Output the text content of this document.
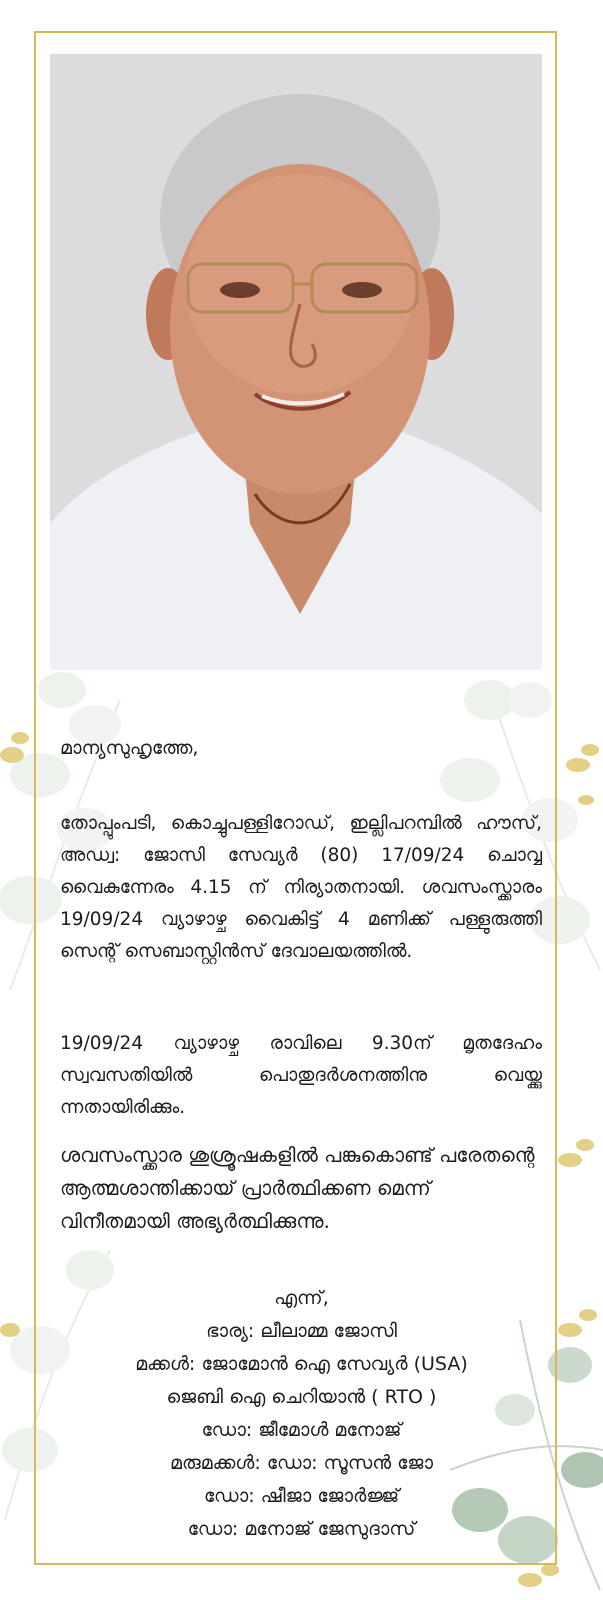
മാന്യസുഹൃത്തേ,
തോപ്പുംപടി, കൊച്ചുപള്ളിറോഡ്, ഇല്ലിപറമ്പിൽ ഹൗസ്, അഡ്വ: ജോസി സേവ്യർ (80) 17/09/24 ചൊവ്വ വൈകുന്നേരം 4.15 ന് നിര്യാതനായി. ശവസംസ്ക്കാരം 19/09/24 വ്യാഴാഴ്ച വൈകിട്ട് 4 മണിക്ക് പള്ളുരുത്തി സെന്റ് സെബാസ്റ്റിൻസ് ദേവാലയത്തിൽ.
19/09/24 വ്യാഴാഴ്ച രാവിലെ 9.30ന് മൃതദേഹം സ്വവസതിയിൽ പൊതുദർശനത്തിനു വെയ്ക്കു ന്നതായിരിക്കും.
ശവസംസ്ക്കാര ശുശ്രൂഷകളിൽ പങ്കുകൊണ്ട് പരേതന്റെ ആത്മശാന്തിക്കായ് പ്രാർത്ഥിക്കണ മെന്ന് വിനീതമായി അഭ്യർത്ഥിക്കുന്നു.
എന്ന്,
ഭാര്യ: ലീലാമ്മ ജോസി
മക്കൾ: ജോമോൻ ഐ സേവ്യർ (USA)
ജെബി ഐ ചെറിയാൻ ( RTO )
ഡോ: ജീമോൾ മനോജ്
മരുമക്കൾ: ഡോ: സൂസൻ ജോ
ഡോ: ഷീജാ ജോർജ്ജ്
ഡോ: മനോജ് ജേസുദാസ്
